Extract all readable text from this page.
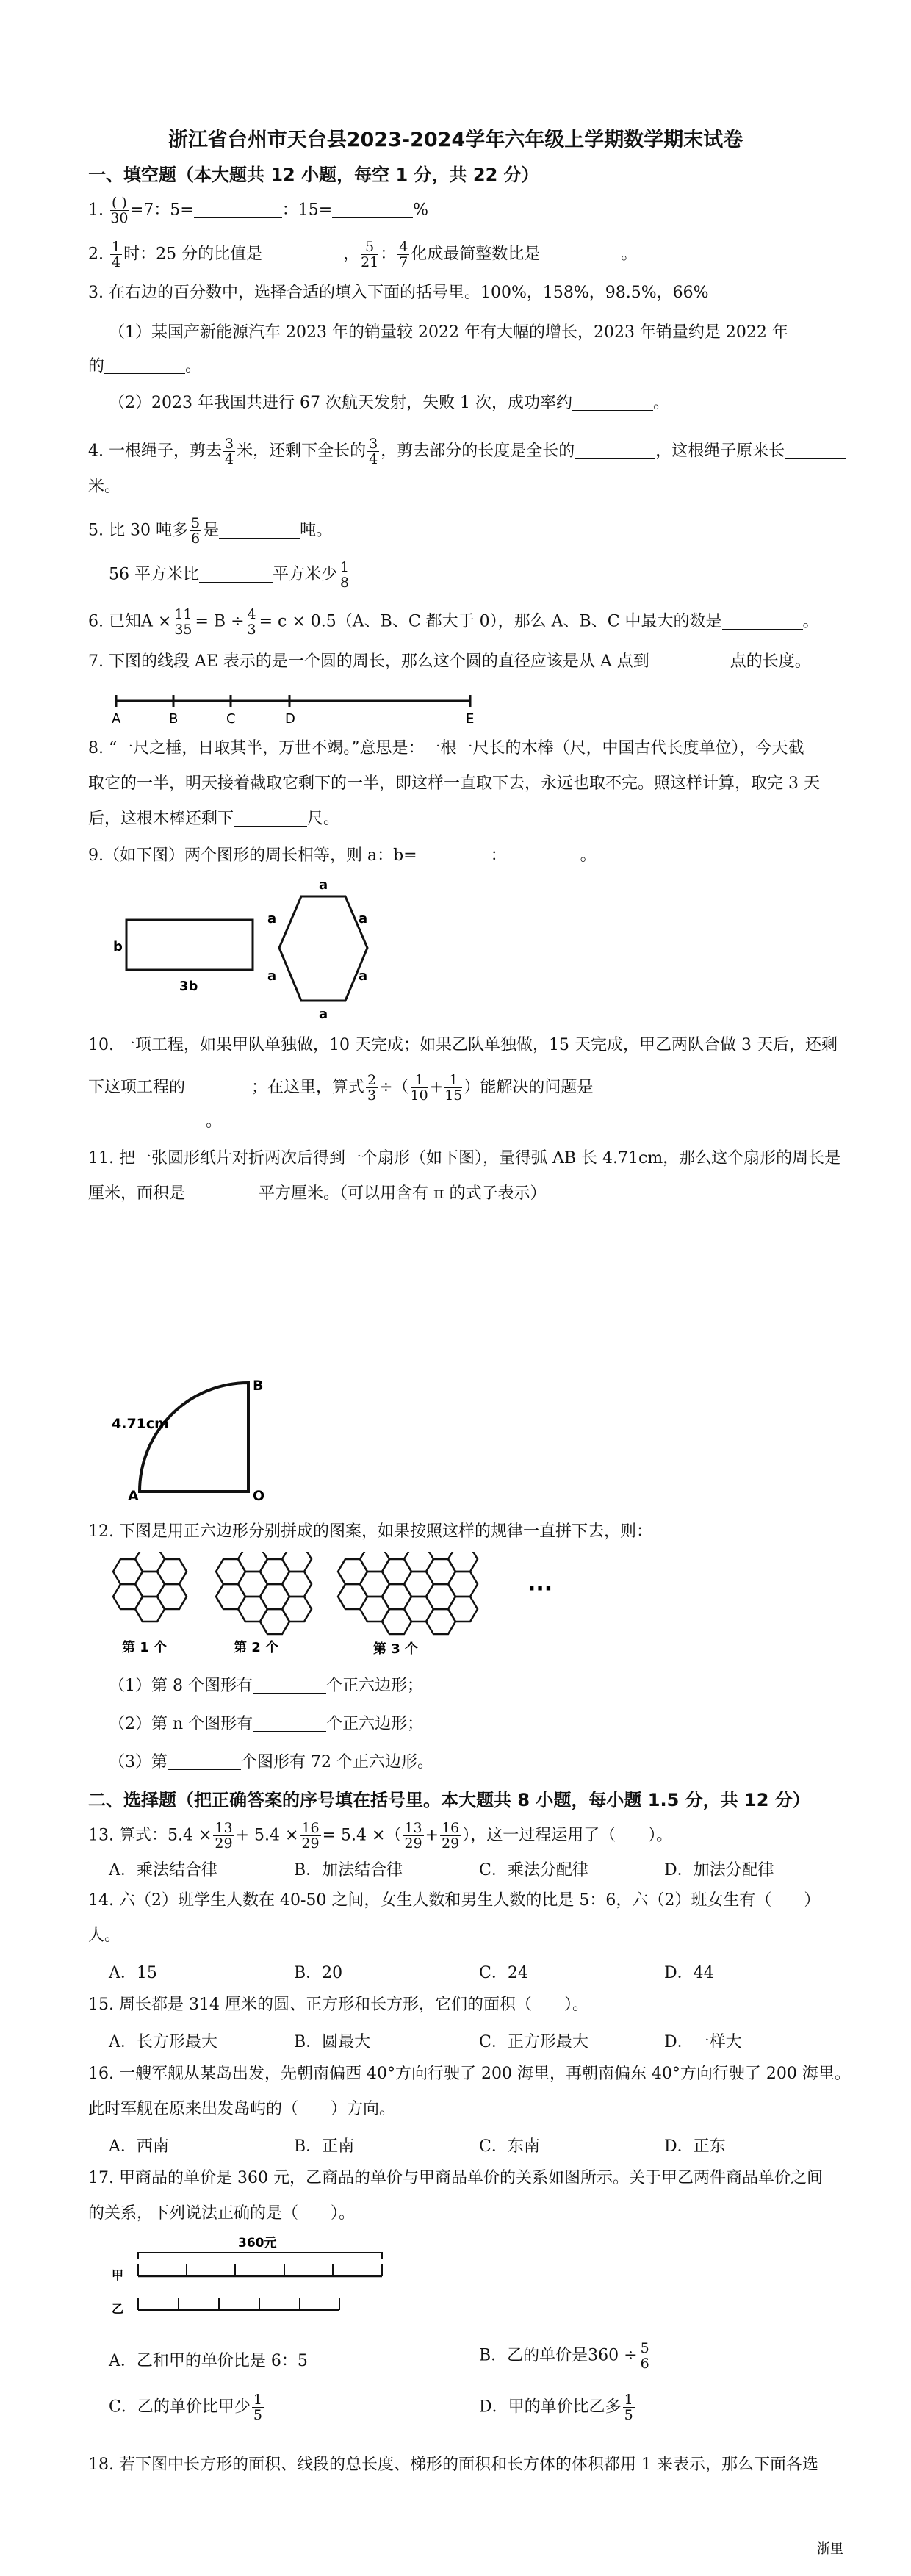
浙江省台州市天台县2023-2024学年六年级上学期数学期末试卷
一、填空题（本大题共 12 小题，每空 1 分，共 22 分）
1. $\frac{( )}{30} =7$：5=	：15=	%
2. $\frac{1}{4}$ 时：25 分的比值是	， $\frac{5}{21}$ ： $\frac{4}{7}$ 化成最简整数比是	。
3. 在右边的百分数中，选择合适的填入下面的括号里。100%，158%，98.5%，66%
（1）某国产新能源汽车 2023 年的销量较 2022 年有大幅的增长，2023 年销量约是 2022 年
的	。
（2）2023 年我国共进行 67 次航天发射，失败 1 次，成功率约	。
4. 一根绳子，剪去 $\frac{3}{4}$ 米，还剩下全长的 $\frac{3}{4}$ ，剪去部分的长度是全长的	，这根绳子原来长
米。
5. 比 30 吨多 $\frac{5}{6}$ 是	吨。
56 平方米比	平方米少 $\frac{1}{8}$
6. 已知$A \times \frac{11}{35} = B \div \frac{4}{3} = c \times 0.5(A$、B、C 都大于 0），那么 A、B、C 中最大的数是	。
7. 下图的线段 AE 表示的是一个圆的周长，那么这个圆的直径应该是从 A 点到	点的长度。
A	B	C	D	E
8. “一尺之棰，日取其半，万世不竭。”意思是：一根一尺长的木棒（尺，中国古代长度单位），今天截
取它的一半，明天接着截取它剩下的一半，即这样一直取下去，永远也取不完。照这样计算，取完 3 天
后，这根木棒还剩下	尺。
9.（如下图）两个图形的周长相等，则 a：b=	：	。
b
3b
a
a	a
a	a
a
10. 一项工程，如果甲队单独做，10 天完成；如果乙队单独做，15 天完成，甲乙两队合做 3 天后，还剩
下这项工程的	；在这里，算式 $\frac{2}{3}$ ÷（ $\frac{1}{10} + \frac{1}{15}$ ）能解决的问题是
。
11. 把一张圆形纸片对折两次后得到一个扇形（如下图），量得弧 AB 长 4.71cm，那么这个扇形的周长是
厘米，面积是	平方厘米。（可以用含有 π 的式子表示）
4.71cm
B
A	O
12. 下图是用正六边形分别拼成的图案，如果按照这样的规律一直拼下去，则：
···
第 1 个	第 2 个	第 3 个
（1）第 8 个图形有	个正六边形；
（2）第 n 个图形有	个正六边形；
（3）第	个图形有 72 个正六边形。
二、选择题（把正确答案的序号填在括号里。本大题共 8 小题，每小题 1.5 分，共 12 分）
13. 算式：$5.4 \times \frac{13}{29} + 5.4 \times \frac{16}{29} = 5.4$ ×（ $\frac{13}{29} + \frac{16}{29}$ ），这一过程运用了（　　）。
A．乘法结合律	B．加法结合律	C．乘法分配律	D．加法分配律
14. 六（2）班学生人数在 40-50 之间，女生人数和男生人数的比是 5：6，六（2）班女生有（　　）
人。
A．15	B．20	C．24	D．44
15. 周长都是 314 厘米的圆、正方形和长方形，它们的面积（　　）。
A．长方形最大	B．圆最大	C．正方形最大	D．一样大
16. 一艘军舰从某岛出发，先朝南偏西 40°方向行驶了 200 海里，再朝南偏东 40°方向行驶了 200 海里。
此时军舰在原来出发岛屿的（　　）方向。
A．西南	B．正南	C．东南	D．正东
17. 甲商品的单价是 360 元，乙商品的单价与甲商品单价的关系如图所示。关于甲乙两件商品单价之间
的关系，下列说法正确的是（　　）。
360元
甲
乙
A．乙和甲的单价比是 6：5	B．乙的单价是$360 \div \frac{5}{6}$
C．乙的单价比甲少 $\frac{1}{5}$	D．甲的单价比乙多 $\frac{1}{5}$
18. 若下图中长方形的面积、线段的总长度、梯形的面积和长方体的体积都用 1 来表示，那么下面各选
浙里
